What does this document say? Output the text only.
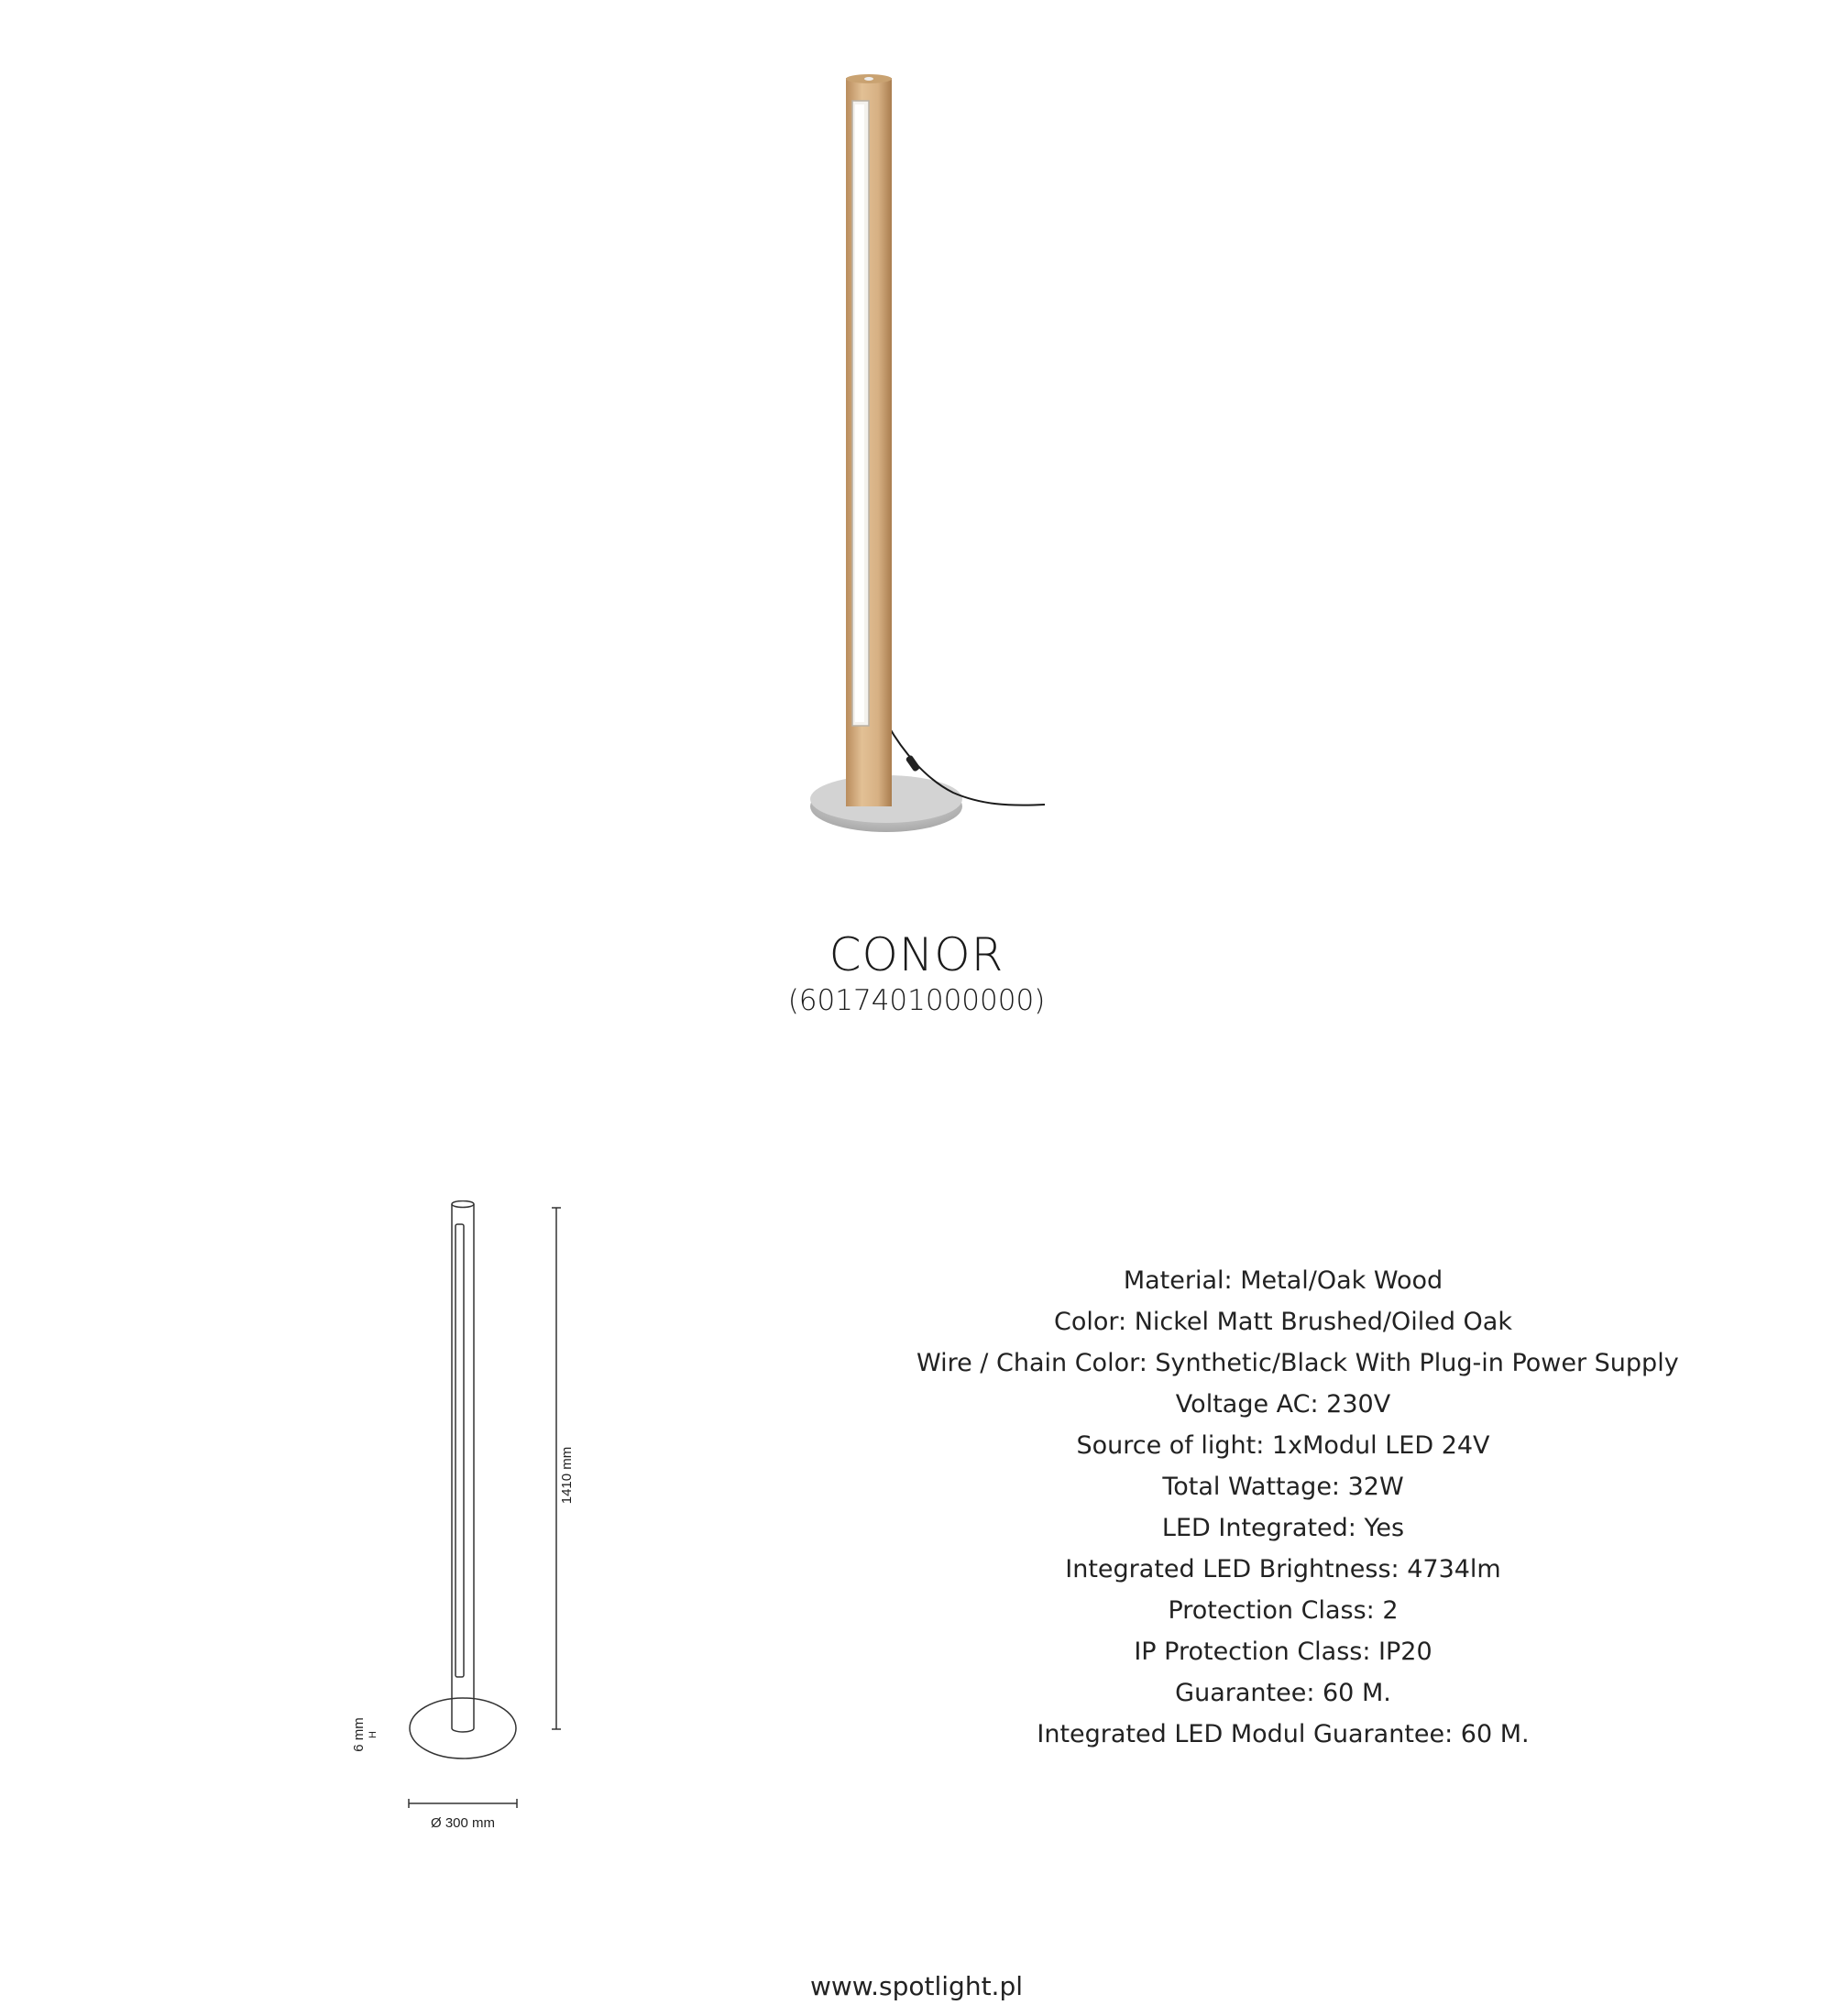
CONOR
(6017401000000)
1410 mm
Ø 300 mm
6 mm H
Material: Metal/Oak Wood
Color: Nickel Matt Brushed/Oiled Oak
Wire / Chain Color: Synthetic/Black With Plug-in Power Supply
Voltage AC: 230V
Source of light: 1xModul LED 24V
Total Wattage: 32W
LED Integrated: Yes
Integrated LED Brightness: 4734lm
Protection Class: 2
IP Protection Class: IP20
Guarantee: 60 M.
Integrated LED Modul Guarantee: 60 M.
www.spotlight.pl
